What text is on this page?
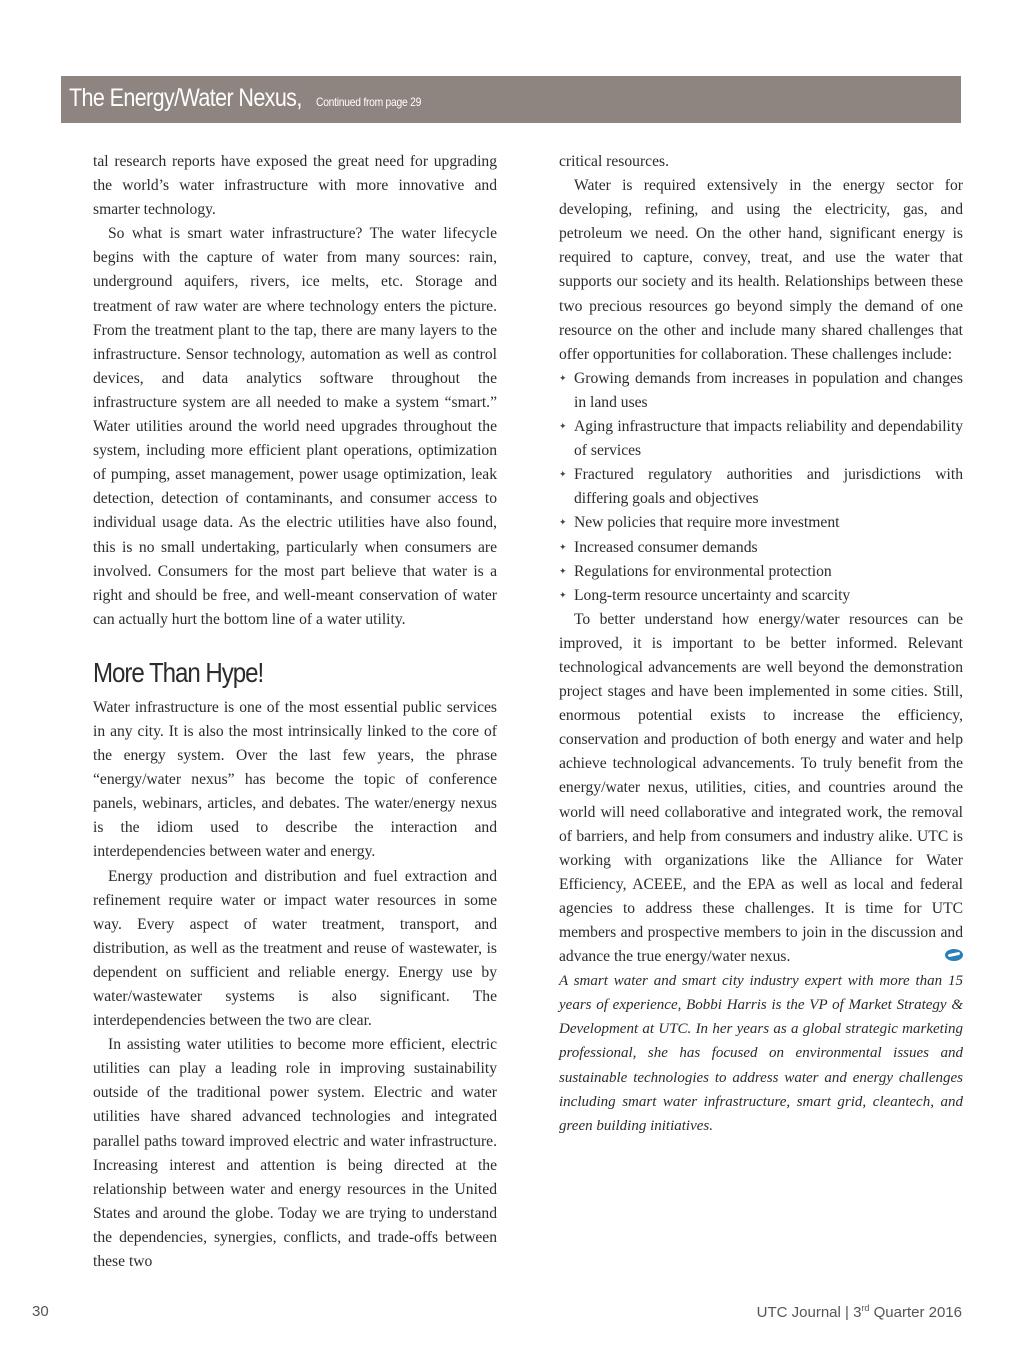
The Energy/Water Nexus, Continued from page 29

tal research reports have exposed the great need for upgrading the world’s water infrastructure with more innovative and smarter technology.

So what is smart water infrastructure? The water lifecycle begins with the capture of water from many sources: rain, underground aquifers, rivers, ice melts, etc. Storage and treatment of raw water are where technology enters the picture. From the treatment plant to the tap, there are many layers to the infrastructure. Sensor technology, automation as well as control devices, and data analytics software throughout the infrastructure system are all needed to make a system “smart.” Water utilities around the world need upgrades throughout the system, including more efficient plant operations, optimization of pumping, asset management, power usage optimization, leak detection, detection of contaminants, and consumer access to individual usage data. As the electric utilities have also found, this is no small undertaking, particularly when consumers are involved. Consumers for the most part believe that water is a right and should be free, and well-meant conservation of water can actually hurt the bottom line of a water utility.

More Than Hype!

Water infrastructure is one of the most essential public services in any city. It is also the most intrinsically linked to the core of the energy system. Over the last few years, the phrase “energy/water nexus” has become the topic of conference panels, webinars, articles, and debates. The water/energy nexus is the idiom used to describe the interaction and interdependencies between water and energy.

Energy production and distribution and fuel extraction and refinement require water or impact water resources in some way. Every aspect of water treatment, transport, and distribution, as well as the treatment and reuse of wastewater, is dependent on sufficient and reliable energy. Energy use by water/wastewater systems is also significant. The interdependencies between the two are clear.

In assisting water utilities to become more efficient, electric utilities can play a leading role in improving sustainability outside of the traditional power system. Electric and water utilities have shared advanced technologies and integrated parallel paths toward improved electric and water infrastructure. Increasing interest and attention is being directed at the relationship between water and energy resources in the United States and around the globe. Today we are trying to understand the dependencies, synergies, conflicts, and trade-offs between these two

critical resources.

Water is required extensively in the energy sector for developing, refining, and using the electricity, gas, and petroleum we need. On the other hand, significant energy is required to capture, convey, treat, and use the water that supports our society and its health. Relationships between these two precious resources go beyond simply the demand of one resource on the other and include many shared challenges that offer opportunities for collaboration. These challenges include:

✦ Growing demands from increases in population and changes in land uses
✦ Aging infrastructure that impacts reliability and dependability of services
✦ Fractured regulatory authorities and jurisdictions with differing goals and objectives
✦ New policies that require more investment
✦ Increased consumer demands
✦ Regulations for environmental protection
✦ Long-term resource uncertainty and scarcity

To better understand how energy/water resources can be improved, it is important to be better informed. Relevant technological advancements are well beyond the demonstration project stages and have been implemented in some cities. Still, enormous potential exists to increase the efficiency, conservation and production of both energy and water and help achieve technological advancements. To truly benefit from the energy/water nexus, utilities, cities, and countries around the world will need collaborative and integrated work, the removal of barriers, and help from consumers and industry alike. UTC is working with organizations like the Alliance for Water Efficiency, ACEEE, and the EPA as well as local and federal agencies to address these challenges. It is time for UTC members and prospective members to join in the discussion and advance the true energy/water nexus.

A smart water and smart city industry expert with more than 15 years of experience, Bobbi Harris is the VP of Market Strategy & Development at UTC. In her years as a global strategic marketing professional, she has focused on environmental issues and sustainable technologies to address water and energy challenges including smart water infrastructure, smart grid, cleantech, and green building initiatives.

30	UTC Journal | 3rd Quarter 2016
